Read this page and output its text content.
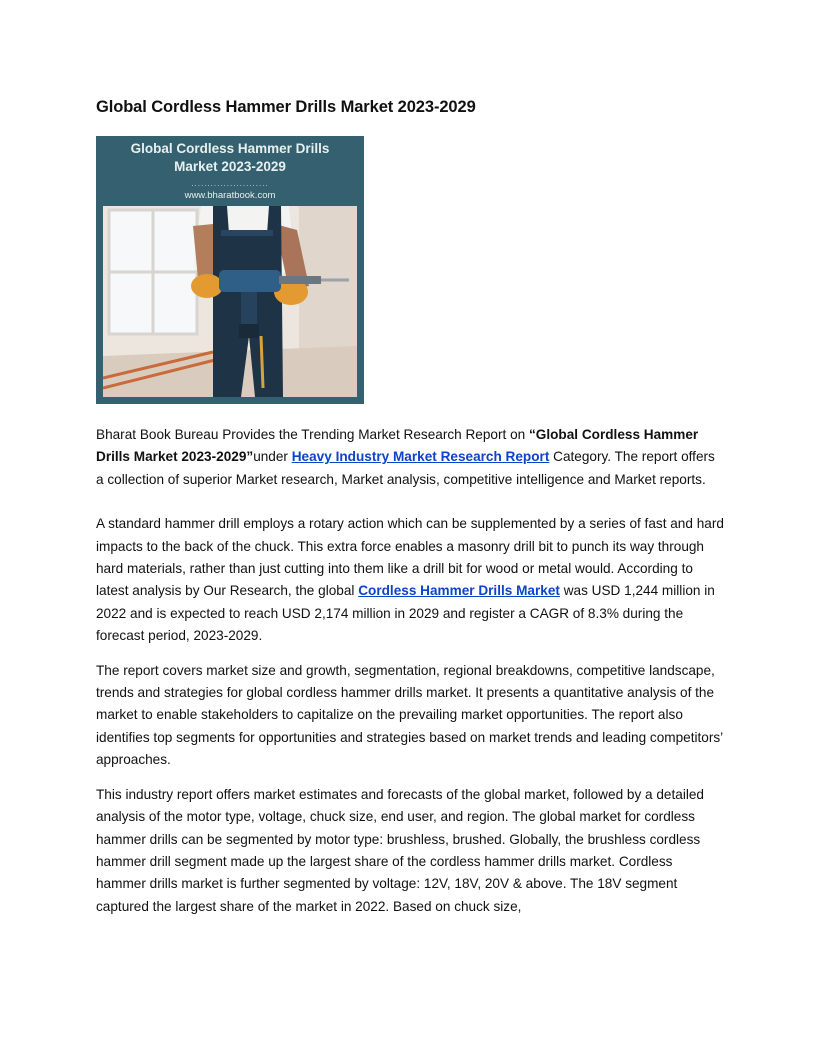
Global Cordless Hammer Drills Market 2023-2029
Global Cordless Hammer Drills
Market 2023-2029
........................
www.bharatbook.com

Bharat Book Bureau Provides the Trending Market Research Report on “Global Cordless Hammer Drills Market 2023-2029”under Heavy Industry Market Research Report Category. The report offers a collection of superior Market research, Market analysis, competitive intelligence and Market reports.

A standard hammer drill employs a rotary action which can be supplemented by a series of fast and hard impacts to the back of the chuck. This extra force enables a masonry drill bit to punch its way through hard materials, rather than just cutting into them like a drill bit for wood or metal would. According to latest analysis by Our Research, the global Cordless Hammer Drills Market was USD 1,244 million in 2022 and is expected to reach USD 2,174 million in 2029 and register a CAGR of 8.3% during the forecast period, 2023-2029.

The report covers market size and growth, segmentation, regional breakdowns, competitive landscape, trends and strategies for global cordless hammer drills market. It presents a quantitative analysis of the market to enable stakeholders to capitalize on the prevailing market opportunities. The report also identifies top segments for opportunities and strategies based on market trends and leading competitors’ approaches.

This industry report offers market estimates and forecasts of the global market, followed by a detailed analysis of the motor type, voltage, chuck size, end user, and region. The global market for cordless hammer drills can be segmented by motor type: brushless, brushed. Globally, the brushless cordless hammer drill segment made up the largest share of the cordless hammer drills market. Cordless hammer drills market is further segmented by voltage: 12V, 18V, 20V & above. The 18V segment captured the largest share of the market in 2022. Based on chuck size,
